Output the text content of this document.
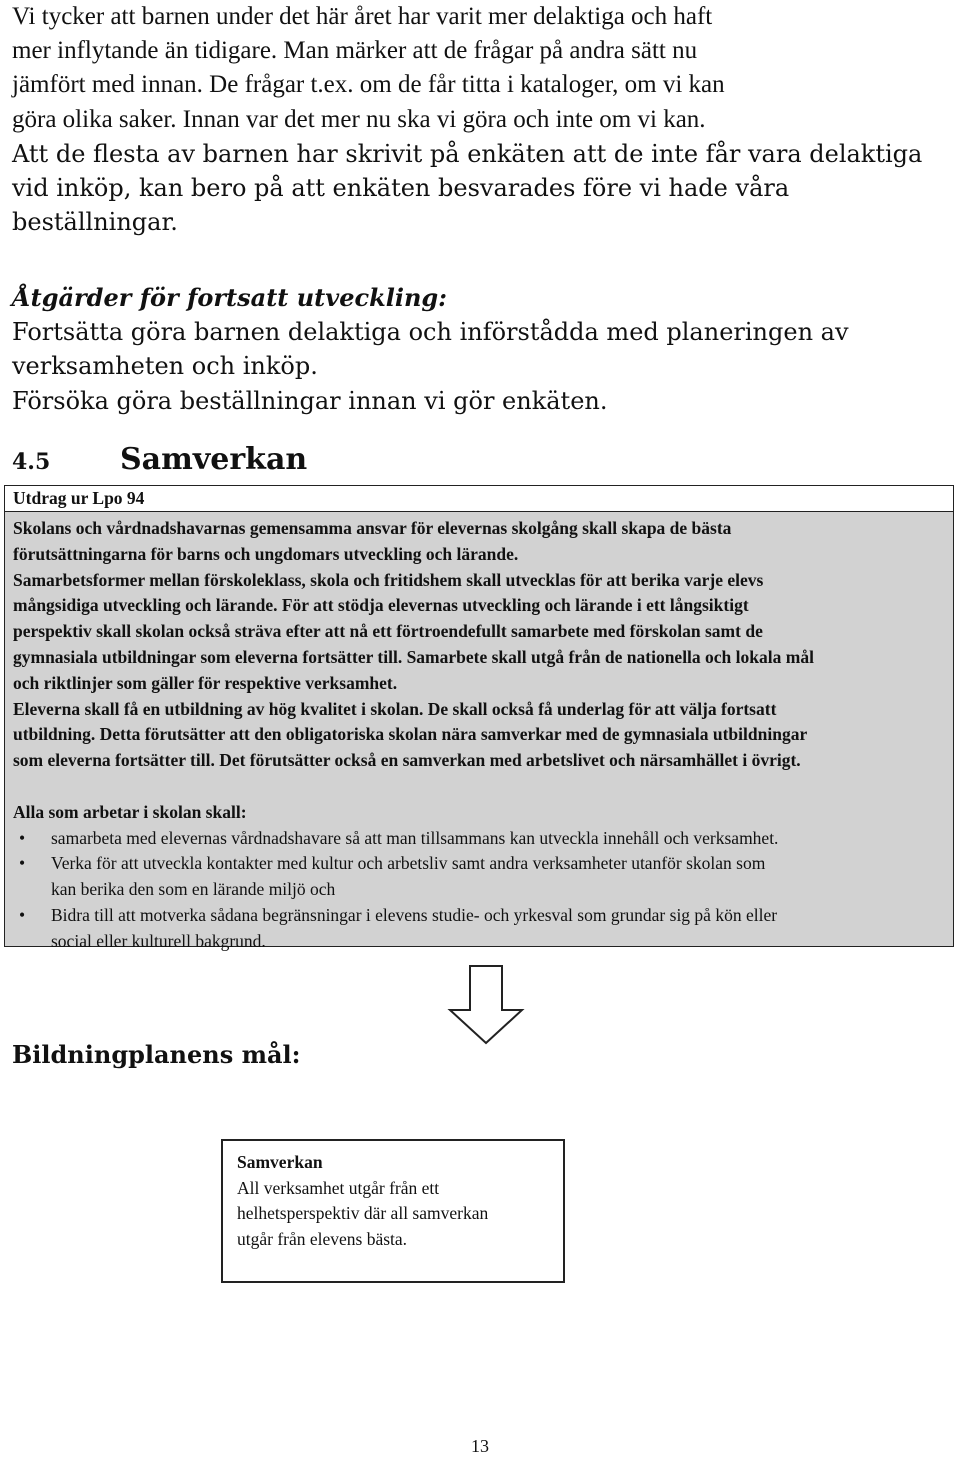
Vi tycker att barnen under det här året har varit mer delaktiga och haft

mer inflytande än tidigare. Man märker att de frågar på andra sätt nu

jämfört med innan. De frågar t.ex. om de får titta i kataloger, om vi kan

göra olika saker. Innan var det mer nu ska vi göra och inte om vi kan.

Att de flesta av barnen har skrivit på enkäten att de inte får vara delaktiga

vid inköp, kan bero på att enkäten besvarades före vi hade våra

beställningar.

Åtgärder för fortsatt utveckling:

Fortsätta göra barnen delaktiga och införstådda med planeringen av

verksamheten och inköp.

Försöka göra beställningar innan vi gör enkäten.

4.5 Samverkan
Utdrag ur Lpo 94

Skolans och vårdnadshavarnas gemensamma ansvar för elevernas skolgång skall skapa de bästa

förutsättningarna för barns och ungdomars utveckling och lärande.

Samarbetsformer mellan förskoleklass, skola och fritidshem skall utvecklas för att berika varje elevs

mångsidiga utveckling och lärande. För att stödja elevernas utveckling och lärande i ett långsiktigt

perspektiv skall skolan också sträva efter att nå ett förtroendefullt samarbete med förskolan samt de

gymnasiala utbildningar som eleverna fortsätter till. Samarbete skall utgå från de nationella och lokala mål

och riktlinjer som gäller för respektive verksamhet.

Eleverna skall få en utbildning av hög kvalitet i skolan. De skall också få underlag för att välja fortsatt

utbildning. Detta förutsätter att den obligatoriska skolan nära samverkar med de gymnasiala utbildningar

som eleverna fortsätter till. Det förutsätter också en samverkan med arbetslivet och närsamhället i övrigt.

Alla som arbetar i skolan skall:

• samarbeta med elevernas vårdnadshavare så att man tillsammans kan utveckla innehåll och verksamhet.
• Verka för att utveckla kontakter med kultur och arbetsliv samt andra verksamheter utanför skolan som
kan berika den som en lärande miljö och
• Bidra till att motverka sådana begränsningar i elevens studie- och yrkesval som grundar sig på kön eller
social eller kulturell bakgrund.
Bildningplanens mål:
Samverkan
All verksamhet utgår från ett
helhetsperspektiv där all samverkan
utgår från elevens bästa.
13
